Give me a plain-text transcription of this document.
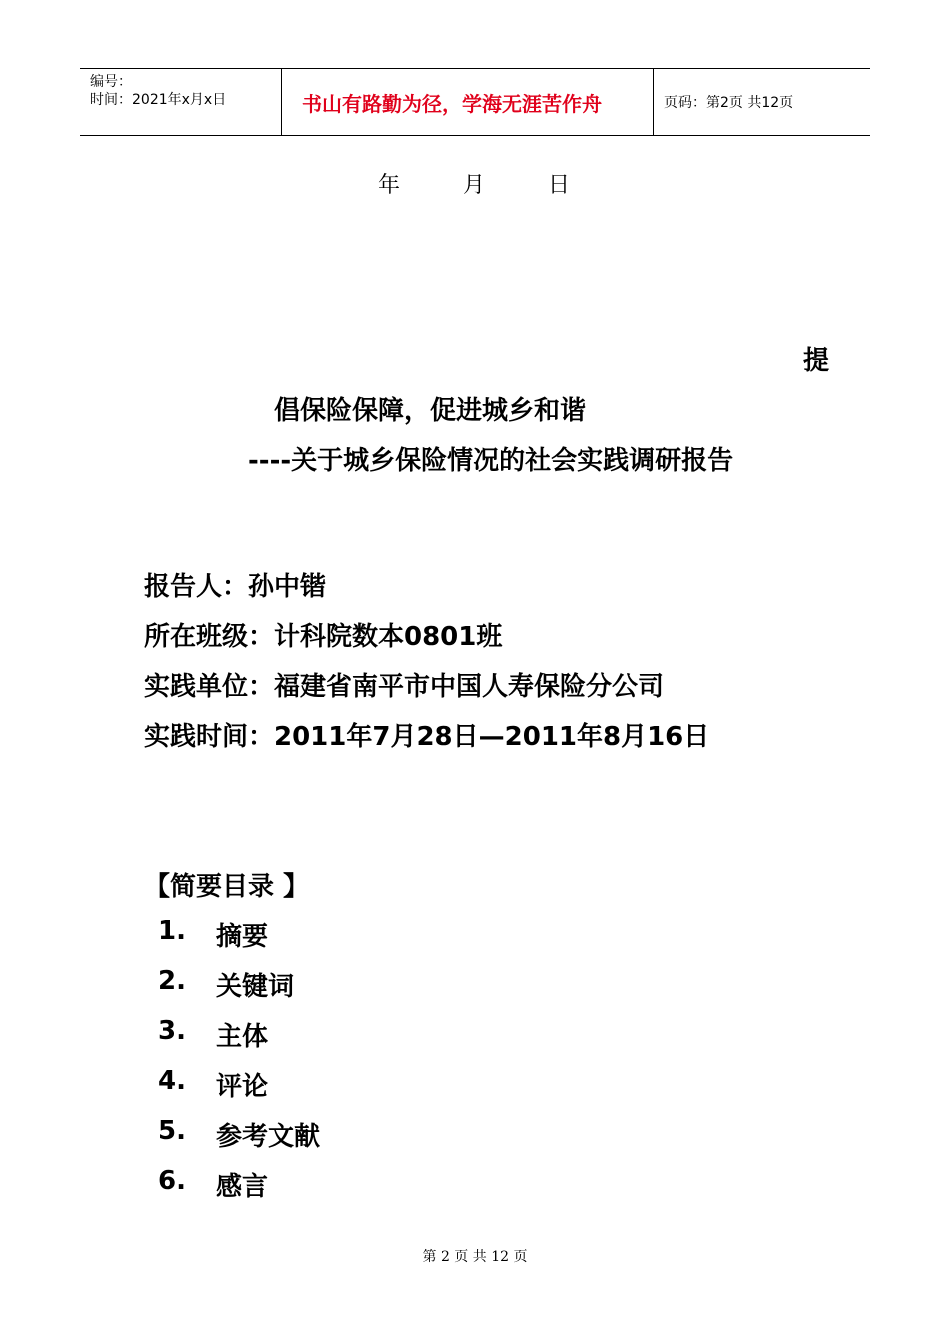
编号：
时间：2021年x月x日	书山有路勤为径，学海无涯苦作舟	页码：第2页 共12页
年	月	日
提
倡保险保障，促进城乡和谐
----关于城乡保险情况的社会实践调研报告
报告人：孙中锴
所在班级：计科院数本0801班
实践单位：福建省南平市中国人寿保险分公司
实践时间：2011年7月28日—2011年8月16日
【简要目录 】
1.	摘要
2.	关键词
3.	主体
4.	评论
5.	参考文献
6.	感言
第 2 页 共 12 页
